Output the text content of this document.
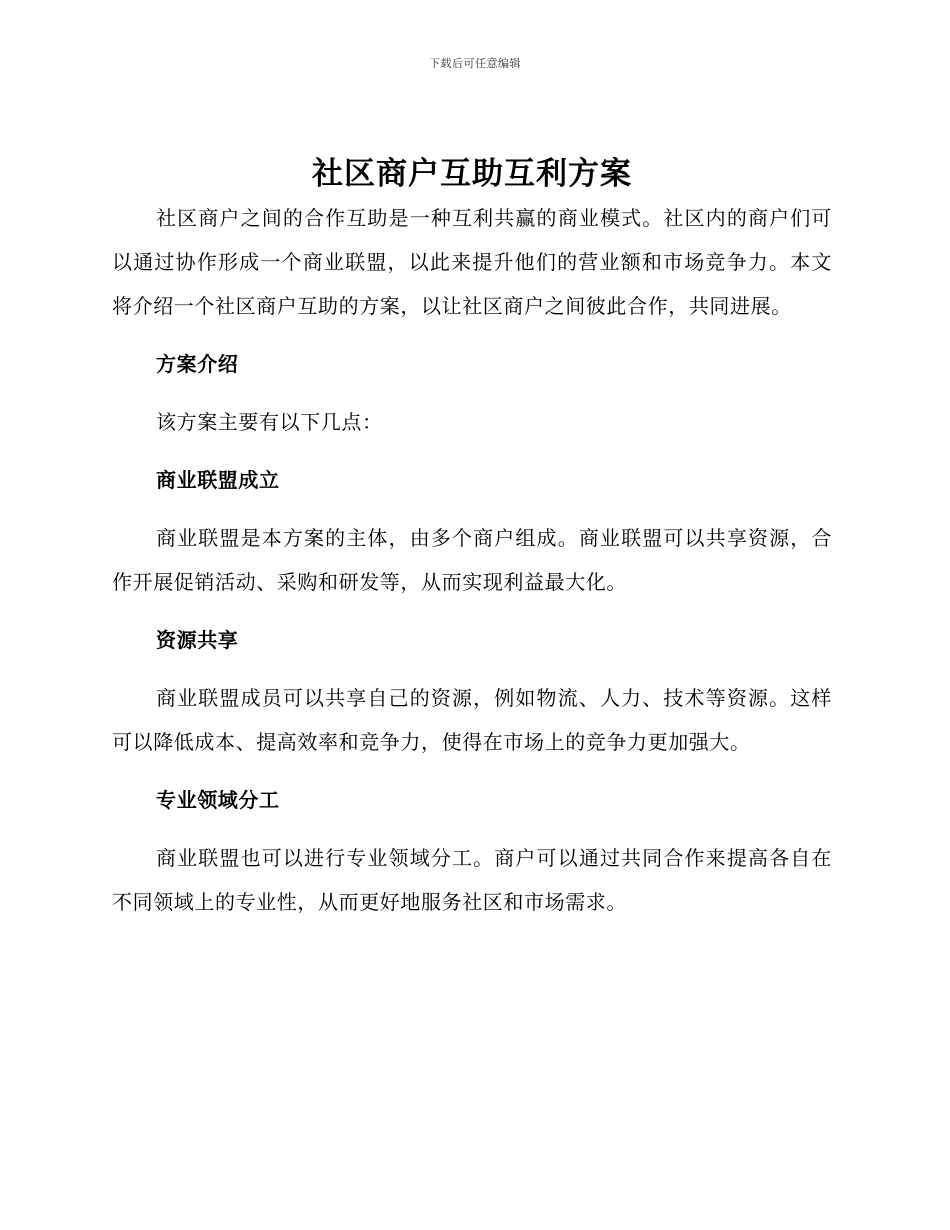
下载后可任意编辑
社区商户互助互利方案

社区商户之间的合作互助是一种互利共赢的商业模式。社区内的商户们可以通过协作形成一个商业联盟，以此来提升他们的营业额和市场竞争力。本文将介绍一个社区商户互助的方案，以让社区商户之间彼此合作，共同进展。

方案介绍

该方案主要有以下几点：

商业联盟成立

商业联盟是本方案的主体，由多个商户组成。商业联盟可以共享资源，合作开展促销活动、采购和研发等，从而实现利益最大化。

资源共享

商业联盟成员可以共享自己的资源，例如物流、人力、技术等资源。这样可以降低成本、提高效率和竞争力，使得在市场上的竞争力更加强大。

专业领域分工

商业联盟也可以进行专业领域分工。商户可以通过共同合作来提高各自在不同领域上的专业性，从而更好地服务社区和市场需求。
